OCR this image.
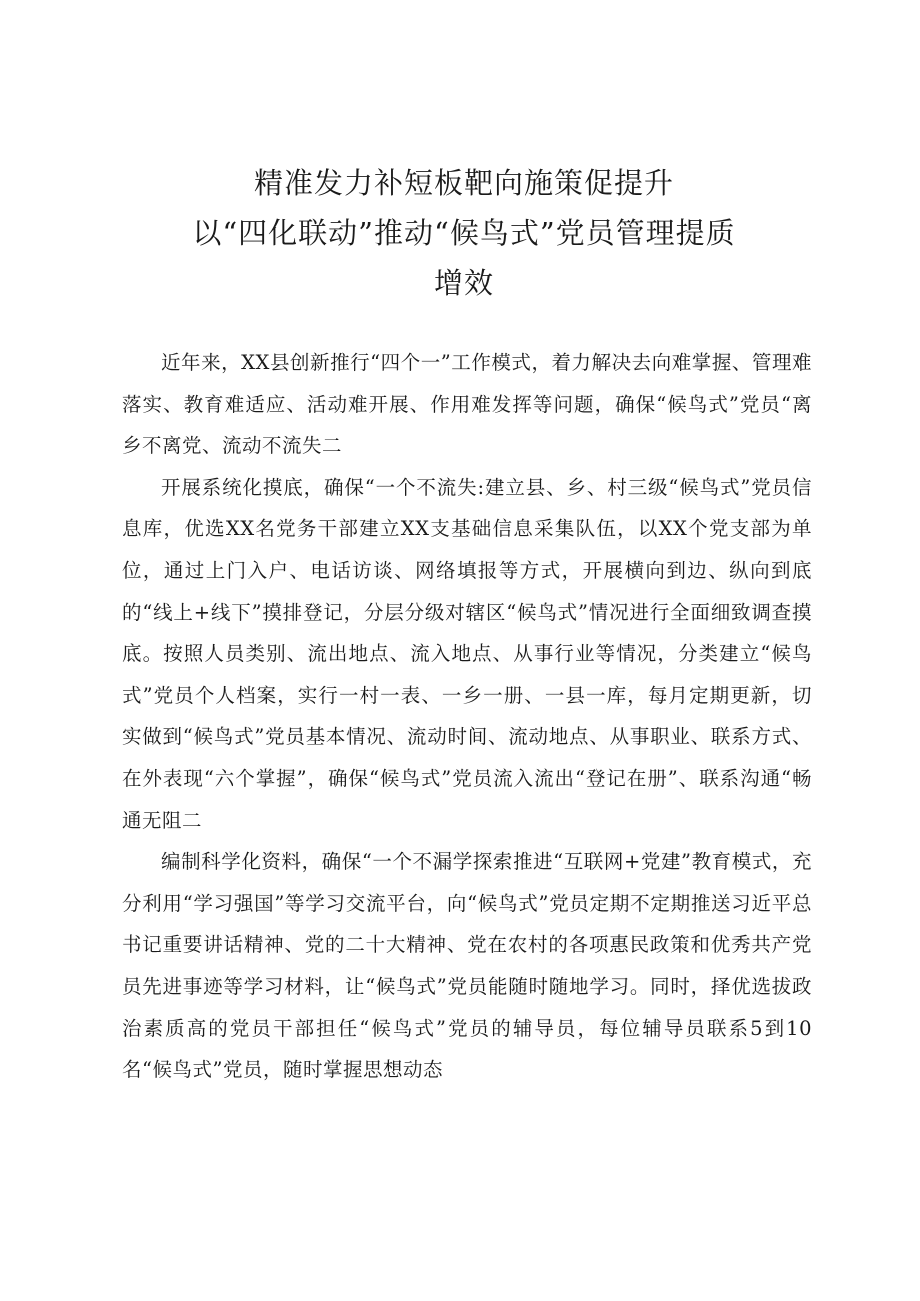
精准发力补短板靶向施策促提升
以“四化联动”推动“候鸟式”党员管理提质
增效

近年来，XX县创新推行“四个一”工作模式，着力解决去向难掌握、管理难落实、教育难适应、活动难开展、作用难发挥等问题，确保“候鸟式”党员“离乡不离党、流动不流失二

开展系统化摸底，确保“一个不流失:建立县、乡、村三级“候鸟式”党员信息库，优选XX名党务干部建立XX支基础信息采集队伍，以XX个党支部为单位，通过上门入户、电话访谈、网络填报等方式，开展横向到边、纵向到底的“线上+线下”摸排登记，分层分级对辖区“候鸟式”情况进行全面细致调查摸底。按照人员类别、流出地点、流入地点、从事行业等情况，分类建立“候鸟式”党员个人档案，实行一村一表、一乡一册、一县一库，每月定期更新，切实做到“候鸟式”党员基本情况、流动时间、流动地点、从事职业、联系方式、在外表现“六个掌握”，确保“候鸟式”党员流入流出“登记在册”、联系沟通“畅通无阻二

编制科学化资料，确保“一个不漏学探索推进“互联网+党建”教育模式，充分利用“学习强国”等学习交流平台，向“候鸟式”党员定期不定期推送习近平总书记重要讲话精神、党的二十大精神、党在农村的各项惠民政策和优秀共产党员先进事迹等学习材料，让“候鸟式”党员能随时随地学习。同时，择优选拔政治素质高的党员干部担任“候鸟式”党员的辅导员，每位辅导员联系5到10名“候鸟式”党员，随时掌握思想动态
